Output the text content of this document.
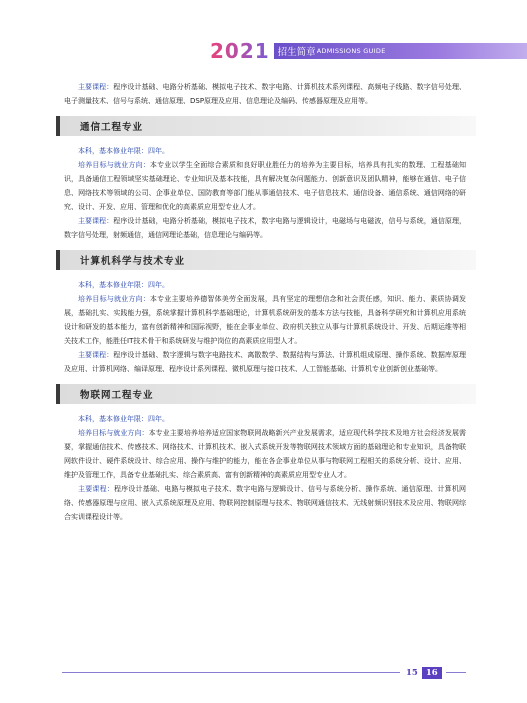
2021 招生简章 ADMISSIONS GUIDE

主要课程：程序设计基础、电路分析基础、模拟电子技术、数字电路、计算机技术系列课程、高频电子线路、数字信号处理、电子测量技术、信号与系统、通信原理、DSP原理及应用、信息理论及编码、传感器原理及应用等。

通信工程专业

本科，基本修业年限：四年。

培养目标与就业方向：本专业以学生全面综合素质和良好职业胜任力的培养为主要目标，培养具有扎实的数理、工程基础知识，具备通信工程领域坚实基础理论、专业知识及基本技能，具有解决复杂问题能力、创新意识及团队精神，能够在通信、电子信息、网络技术等领域的公司、企事业单位、国防教育等部门能从事通信技术、电子信息技术、通信设备、通信系统、通信网络的研究、设计、开发、应用、管理和优化的高素质应用型专业人才。

主要课程：程序设计基础，电路分析基础，模拟电子技术，数字电路与逻辑设计，电磁场与电磁波，信号与系统，通信原理，数字信号处理，射频通信，通信网理论基础，信息理论与编码等。

计算机科学与技术专业

本科，基本修业年限：四年。

培养目标与就业方向：本专业主要培养德智体美劳全面发展，具有坚定的理想信念和社会责任感，知识、能力、素质协调发展，基础扎实、实践能力强，系统掌握计算机科学基础理论，计算机系统研发的基本方法与技能，具备科学研究和计算机应用系统设计和研发的基本能力，富有创新精神和国际视野，能在企事业单位、政府机关独立从事与计算机系统设计、开发、后期运维等相关技术工作，能胜任IT技术骨干和系统研发与维护岗位的高素质应用型人才。

主要课程：程序设计基础、数字逻辑与数字电路技术、离散数学、数据结构与算法、计算机组成原理、操作系统、数据库原理及应用、计算机网络、编译原理、程序设计系列课程、微机原理与接口技术、人工智能基础、计算机专业创新创业基础等。

物联网工程专业

本科，基本修业年限：四年。

培养目标与就业方向：本专业主要培养培养适应国家物联网战略新兴产业发展需求，适应现代科学技术及地方社会经济发展需要，掌握通信技术、传感技术、网络技术、计算机技术、嵌入式系统开发等物联网技术领域方面的基础理论和专业知识，具备物联网软件设计、硬件系统设计、综合应用、操作与维护的能力，能在各企事业单位从事与物联网工程相关的系统分析、设计、应用、维护及管理工作，具备专业基础扎实、综合素质高、富有创新精神的高素质应用型专业人才。

主要课程：程序设计基础、电路与模拟电子技术、数字电路与逻辑设计、信号与系统分析、操作系统、通信原理、计算机网络、传感器原理与应用、嵌入式系统原理及应用、物联网控制原理与技术、物联网通信技术、无线射频识别技术及应用、物联网综合实训课程设计等。

15 16
